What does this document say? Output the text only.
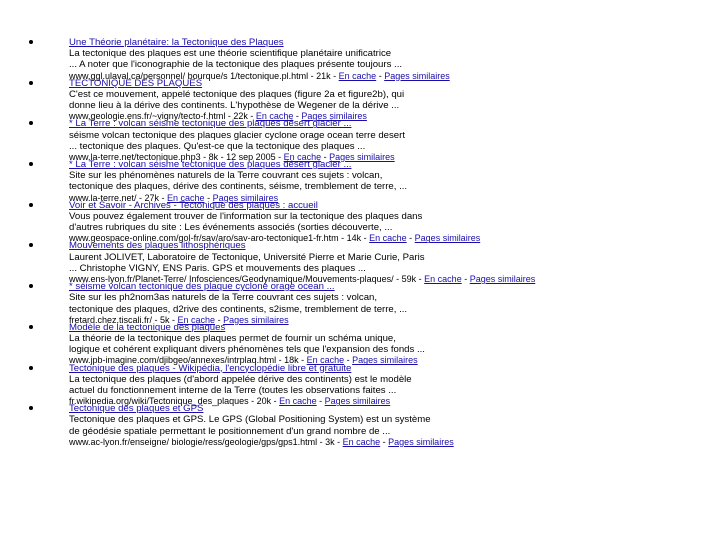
Une Théorie planétaire: la Tectonique des Plaques
La tectonique des plaques est une théorie scientifique planétaire unificatrice
... A noter que l'iconographie de la tectonique des plaques présente toujours ...
www.ggl.ulaval.ca/personnel/ bourque/s 1/tectonique.pl.html - 21k - En cache - Pages similaires
TECTONIQUE DES PLAQUES
C'est ce mouvement, appelé tectonique des plaques (figure 2a et figure2b), qui
donne lieu à la dérive des continents. L'hypothèse de Wegener de la dérive ...
www.geologie.ens.fr/~vigny/tecto-f.html - 22k - En cache - Pages similaires
* La Terre : volcan séisme tectonique des plaques désert glacier ...
séisme volcan tectonique des plaques glacier cyclone orage ocean terre desert
... tectonique des plaques. Qu'est-ce que la tectonique des plaques ...
www.la-terre.net/tectonique.php3 - 8k - 12 sep 2005 - En cache - Pages similaires
* La Terre : volcan séisme tectonique des plaques désert glacier ...
Site sur les phénomènes naturels de la Terre couvrant ces sujets : volcan,
tectonique des plaques, dérive des continents, séisme, tremblement de terre, ...
www.la-terre.net/ - 27k - En cache - Pages similaires
Voir et Savoir - Archives - Tectonique des plaques : accueil
Vous pouvez également trouver de l'information sur la tectonique des plaques dans
d'autres rubriques du site : Les événements associés (sorties découverte, ...
www.geospace-online.com/gol-fr/sav/aro/sav-aro-tectonique1-fr.htm - 14k - En cache - Pages similaires
Mouvements des plaques lithosphériques
Laurent JOLIVET, Laboratoire de Tectonique, Université Pierre et Marie Curie, Paris
... Christophe VIGNY, ENS Paris. GPS et mouvements des plaques ...
www.ens-lyon.fr/Planet-Terre/ Infosciences/Geodynamique/Mouvements-plaques/ - 59k - En cache - Pages similaires
* séisme volcan tectonique des plaque cyclone orage ocean ...
Site sur les ph2nom3as naturels de la Terre couvrant ces sujets : volcan,
tectonique des plaques, d2rive des continents, s2isme, tremblement de terre, ...
fretard.chez.tiscali.fr/ - 5k - En cache - Pages similaires
Modèle de la tectonique des plaques
La théorie de la tectonique des plaques permet de fournir un schéma unique,
logique et cohérent expliquant divers phénomènes tels que l'expansion des fonds ...
www.jpb-imagine.com/djibgeo/annexes/intrplaq.html - 18k - En cache - Pages similaires
Tectonique des plaques - Wikipédia, l'encyclopédie libre et gratuite
La tectonique des plaques (d'abord appelée dérive des continents) est le modèle
actuel du fonctionnement interne de la Terre (toutes les observations faites ...
fr.wikipedia.org/wiki/Tectonique_des_plaques - 20k - En cache - Pages similaires
Tectonique des plaques et GPS
Tectonique des plaques et GPS. Le GPS (Global Positioning System) est un système
de géodésie spatiale permettant le positionnement d'un grand nombre de ...
www.ac-lyon.fr/enseigne/ biologie/ress/geologie/gps/gps1.html - 3k - En cache - Pages similaires
